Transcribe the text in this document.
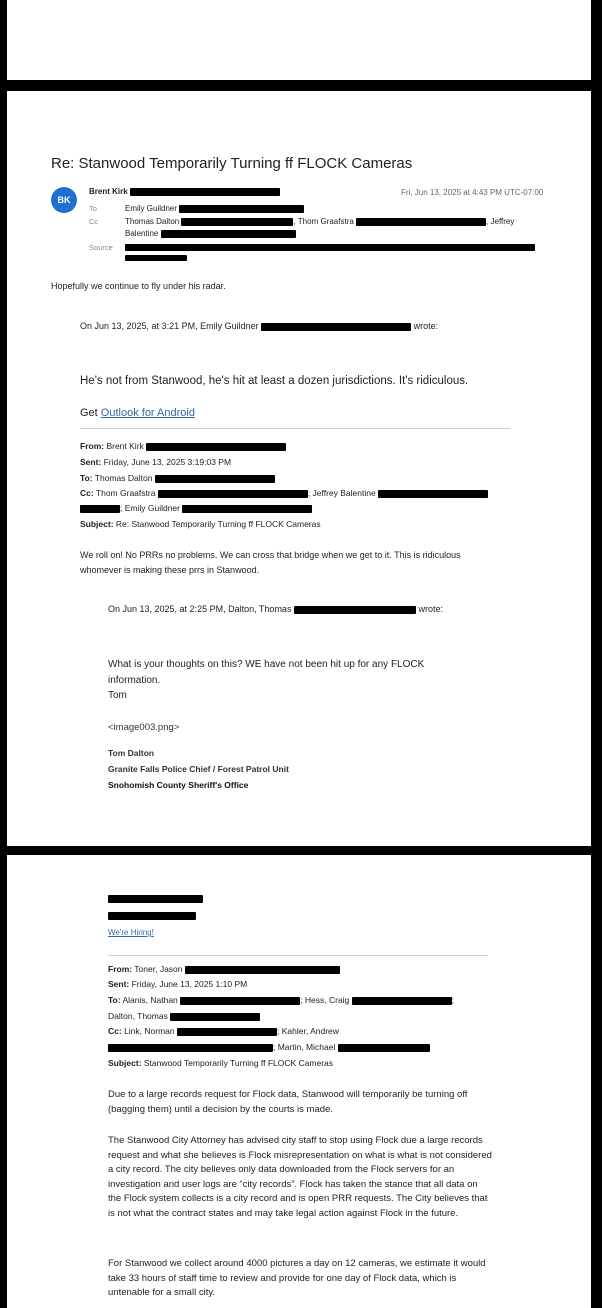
Re: Stanwood Temporarily Turning ff FLOCK Cameras
BK
Brent Kirk	Fri, Jun 13, 2025 at 4:43 PM UTC-07:00
To	Emily Guildner
Cc	Thomas Dalton	, Thom Graafstra	, Jeffrey
Balentine
Source
Hopefully we continue to fly under his radar.
On Jun 13, 2025, at 3:21 PM, Emily Guildner	wrote:
He's not from Stanwood, he's hit at least a dozen jurisdictions. It's ridiculous.
Get Outlook for Android
From: Brent Kirk
Sent: Friday, June 13, 2025 3:19:03 PM
To: Thomas Dalton
Cc: Thom Graafstra	; Jeffrey Balentine
; Emily Guildner
Subject: Re: Stanwood Temporarily Turning ff FLOCK Cameras
We roll on! No PRRs no problems. We can cross that bridge when we get to it. This is ridiculous
whomever is making these prrs in Stanwood.
On Jun 13, 2025, at 2:25 PM, Dalton, Thomas	wrote:
What is your thoughts on this? WE have not been hit up for any FLOCK
information.
Tom
<image003.png>
Tom Dalton
Granite Falls Police Chief / Forest Patrol Unit
Snohomish County Sheriff's Office
We're Hiring!
From: Toner, Jason
Sent: Friday, June 13, 2025 1:10 PM
To: Alanis, Nathan	; Hess, Craig	;
Dalton, Thomas
Cc: Link, Norman	; Kahler, Andrew
; Martin, Michael
Subject: Stanwood Temporarily Turning ff FLOCK Cameras
Due to a large records request for Flock data, Stanwood will temporarily be turning off (bagging them) until a decision by the courts is made.
The Stanwood City Attorney has advised city staff to stop using Flock due a large records request and what she believes is Flock misrepresentation on what is what is not considered a city record. The city believes only data downloaded from the Flock servers for an investigation and user logs are “city records”. Flock has taken the stance that all data on the Flock system collects is a city record and is open PRR requests. The City believes that is not what the contract states and may take legal action against Flock in the future.
For Stanwood we collect around 4000 pictures a day on 12 cameras, we estimate it would take 33 hours of staff time to review and provide for one day of Flock data, which is untenable for a small city.
